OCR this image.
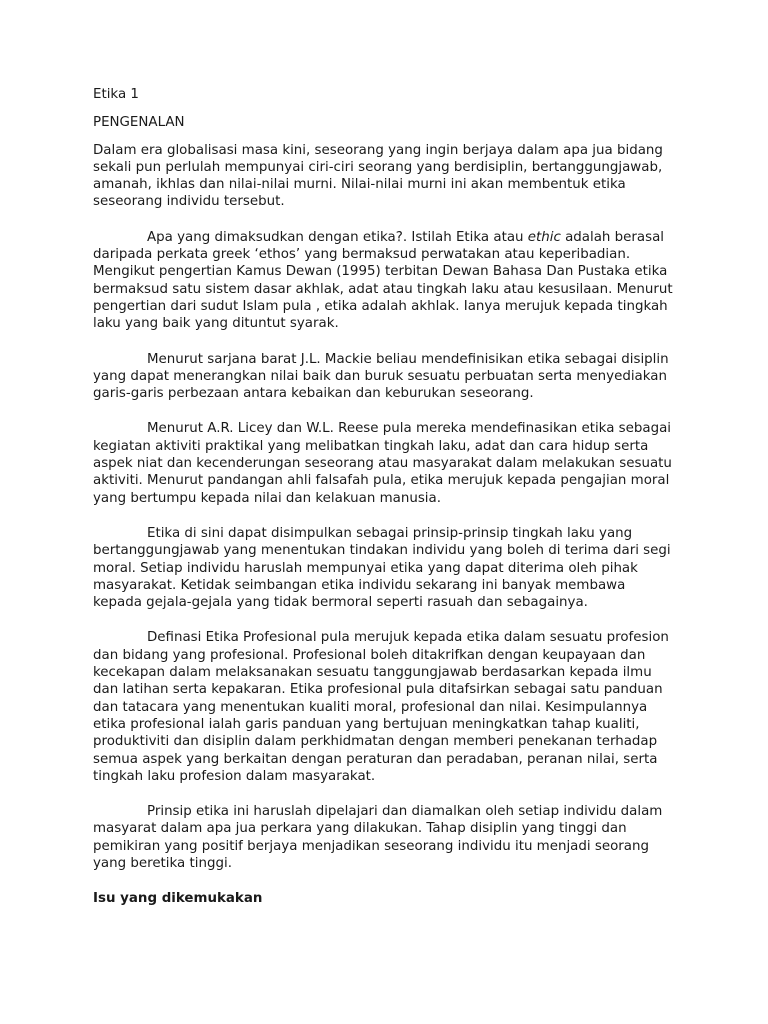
Etika 1

PENGENALAN

Dalam era globalisasi masa kini, seseorang yang ingin berjaya dalam apa jua bidang sekali pun perlulah mempunyai ciri-ciri seorang yang berdisiplin, bertanggungjawab, amanah, ikhlas dan nilai-nilai murni. Nilai-nilai murni ini akan membentuk etika seseorang individu tersebut.

Apa yang dimaksudkan dengan etika?. Istilah Etika atau ethic adalah berasal daripada perkata greek ‘ethos’ yang bermaksud perwatakan atau keperibadian. Mengikut pengertian Kamus Dewan (1995) terbitan Dewan Bahasa Dan Pustaka etika bermaksud satu sistem dasar akhlak, adat atau tingkah laku atau kesusilaan. Menurut pengertian dari sudut Islam pula , etika adalah akhlak. Ianya merujuk kepada tingkah laku yang baik yang dituntut syarak.

Menurut sarjana barat J.L. Mackie beliau mendefinisikan etika sebagai disiplin yang dapat menerangkan nilai baik dan buruk sesuatu perbuatan serta menyediakan garis-garis perbezaan antara kebaikan dan keburukan seseorang.

Menurut A.R. Licey dan W.L. Reese pula mereka mendefinasikan etika sebagai kegiatan aktiviti praktikal yang melibatkan tingkah laku, adat dan cara hidup serta aspek niat dan kecenderungan seseorang atau masyarakat dalam melakukan sesuatu aktiviti. Menurut pandangan ahli falsafah pula, etika merujuk kepada pengajian moral yang bertumpu kepada nilai dan kelakuan manusia.

Etika di sini dapat disimpulkan sebagai prinsip-prinsip tingkah laku yang bertanggungjawab yang menentukan tindakan individu yang boleh di terima dari segi moral. Setiap individu haruslah mempunyai etika yang dapat diterima oleh pihak masyarakat. Ketidak seimbangan etika individu sekarang ini banyak membawa kepada gejala-gejala yang tidak bermoral seperti rasuah dan sebagainya.

Definasi Etika Profesional pula merujuk kepada etika dalam sesuatu profesion dan bidang yang profesional. Profesional boleh ditakrifkan dengan keupayaan dan kecekapan dalam melaksanakan sesuatu tanggungjawab berdasarkan kepada ilmu dan latihan serta kepakaran. Etika profesional pula ditafsirkan sebagai satu panduan dan tatacara yang menentukan kualiti moral, profesional dan nilai. Kesimpulannya etika profesional ialah garis panduan yang bertujuan meningkatkan tahap kualiti, produktiviti dan disiplin dalam perkhidmatan dengan memberi penekanan terhadap semua aspek yang berkaitan dengan peraturan dan peradaban, peranan nilai, serta tingkah laku profesion dalam masyarakat.

Prinsip etika ini haruslah dipelajari dan diamalkan oleh setiap individu dalam masyarat dalam apa jua perkara yang dilakukan. Tahap disiplin yang tinggi dan pemikiran yang positif berjaya menjadikan seseorang individu itu menjadi seorang yang beretika tinggi.

Isu yang dikemukakan
